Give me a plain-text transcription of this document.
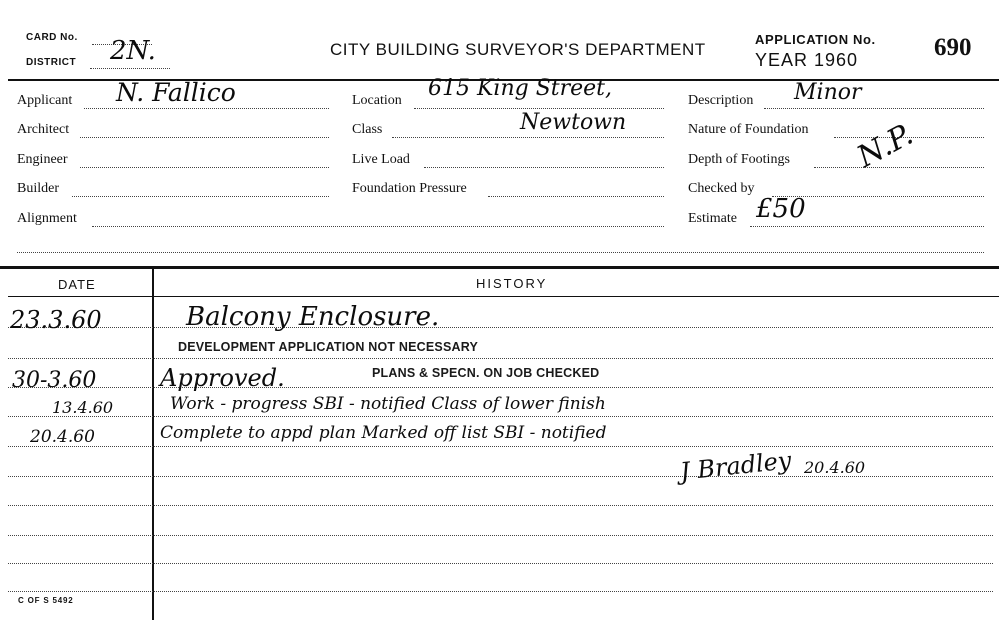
CARD No.
DISTRICT 2N.	CITY BUILDING SURVEYOR'S DEPARTMENT
APPLICATION No.
YEAR 1960	690
Applicant N. Fallico
Architect
Engineer
Builder
Alignment
Location 615 King Street,
Class	Newtown
Live Load
Foundation Pressure
Description Minor
Nature of Foundation
Depth of Footings N.P.
Checked by
Estimate £50
DATE	HISTORY
23.3.60	Balcony Enclosure.
DEVELOPMENT APPLICATION NOT NECESSARY
30-3.60	Approved.	PLANS & SPECN. ON JOB CHECKED
13.4.60	Work - progress SBI - notified Class of lower finish
20.4.60	Complete to appd plan Marked off list SBI - notified
J Bradley 20.4.60
C OF S 5492
